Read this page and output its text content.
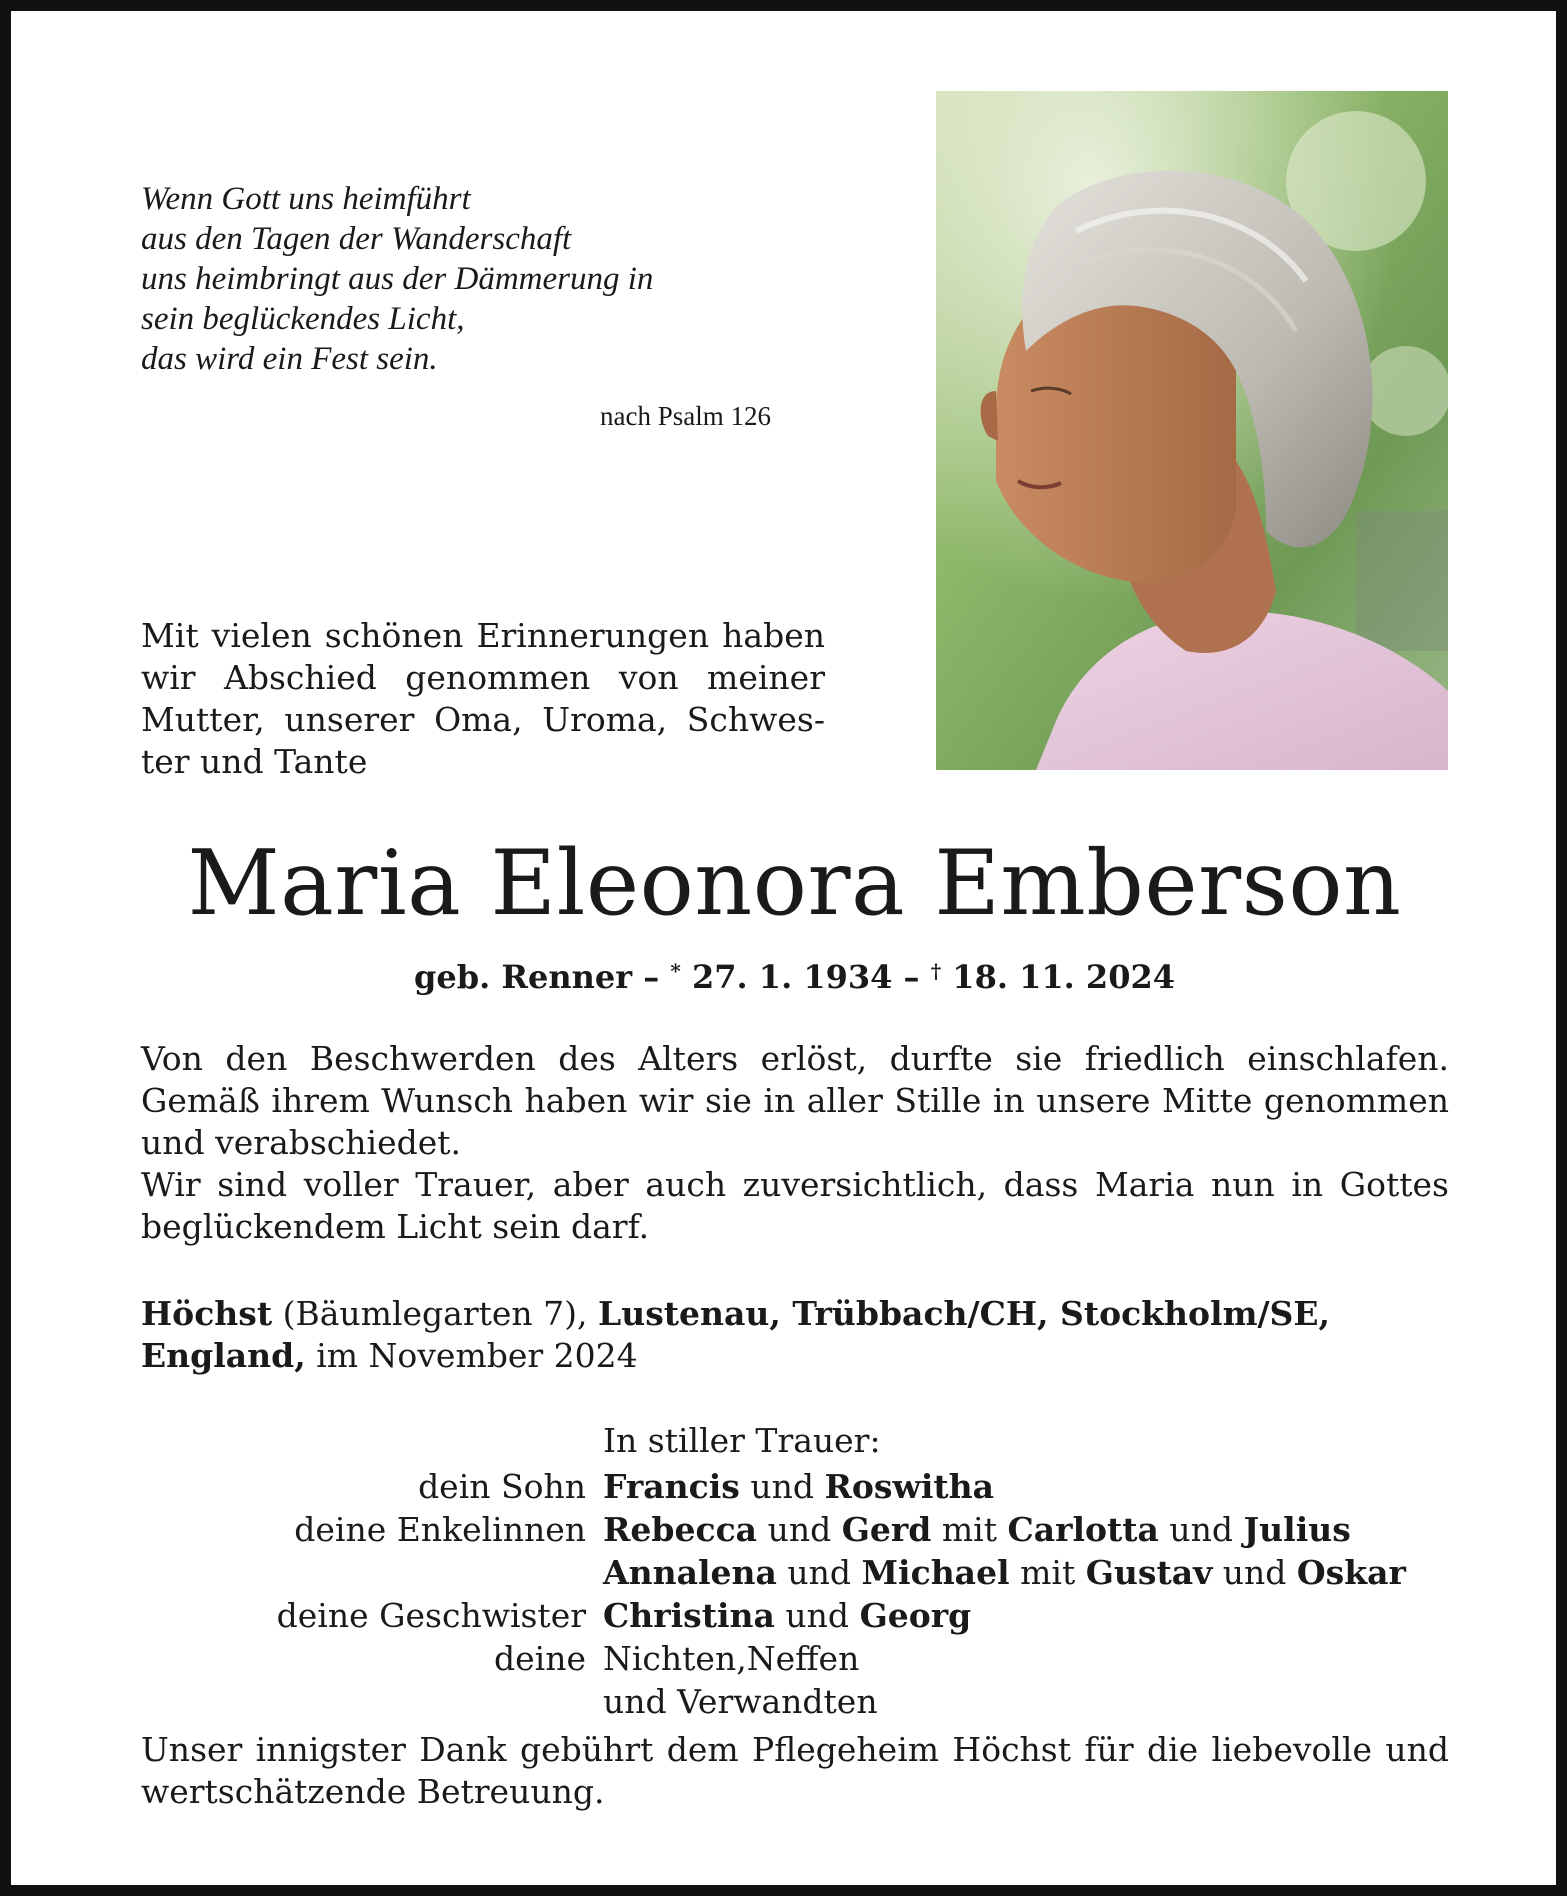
Wenn Gott uns heimführt
aus den Tagen der Wanderschaft
uns heimbringt aus der Dämmerung in
sein beglückendes Licht,
das wird ein Fest sein.
nach Psalm 126
Mit vielen schönen Erinnerungen haben
wir Abschied genommen von meiner
Mutter, unserer Oma, Uroma, Schwes-
ter und Tante
Maria Eleonora Emberson
geb. Renner – * 27. 1. 1934 – † 18. 11. 2024
Von den Beschwerden des Alters erlöst, durfte sie friedlich einschlafen.
Gemäß ihrem Wunsch haben wir sie in aller Stille in unsere Mitte genommen
und verabschiedet.
Wir sind voller Trauer, aber auch zuversichtlich, dass Maria nun in Gottes
beglückendem Licht sein darf.
Höchst (Bäumlegarten 7), Lustenau, Trübbach/CH, Stockholm/SE,
England, im November 2024
In stiller Trauer:
dein Sohn Francis und Roswitha
deine Enkelinnen Rebecca und Gerd mit Carlotta und Julius
Annalena und Michael mit Gustav und Oskar
deine Geschwister Christina und Georg
deine Nichten,Neffen
und Verwandten
Unser innigster Dank gebührt dem Pflegeheim Höchst für die liebevolle und
wertschätzende Betreuung.
